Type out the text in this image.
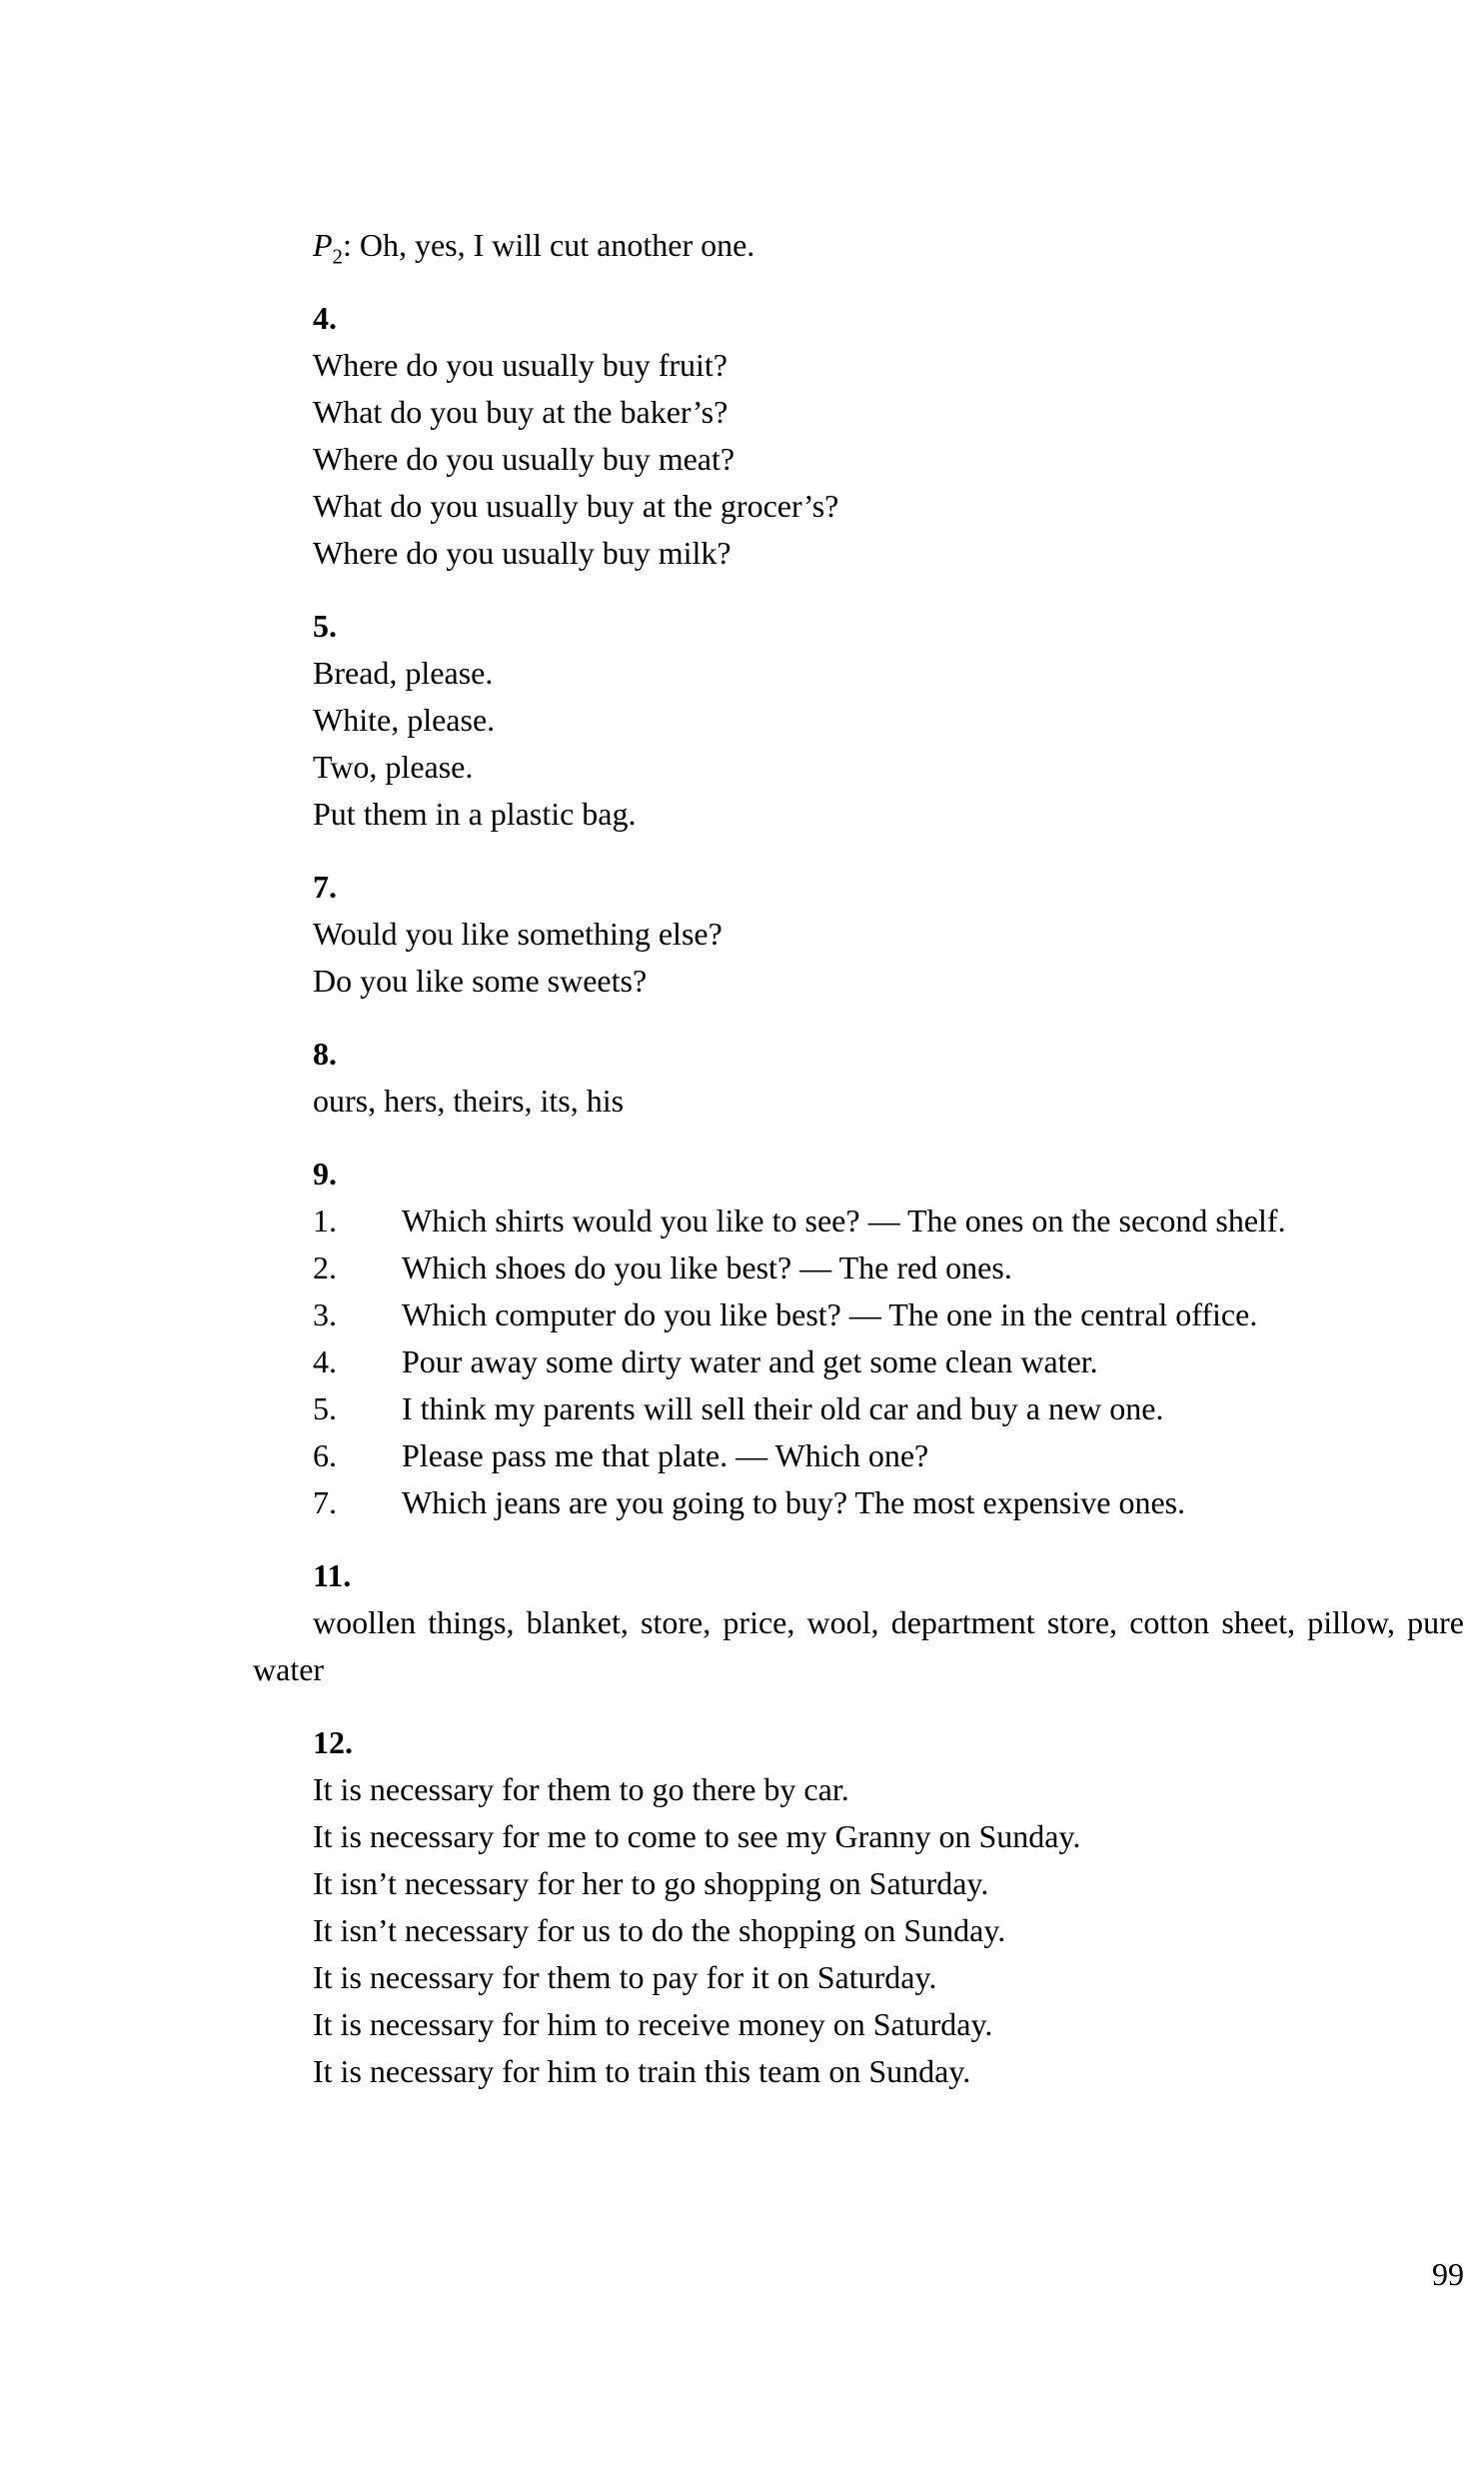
$P_2$: Oh, yes, I will cut another one.

4.

Where do you usually buy fruit?
What do you buy at the baker’s?
Where do you usually buy meat?
What do you usually buy at the grocer’s?
Where do you usually buy milk?

5.

Bread, please.
White, please.
Two, please.
Put them in a plastic bag.

7.

Would you like something else?
Do you like some sweets?

8.

ours, hers, theirs, its, his

9.

1. Which shirts would you like to see? — The ones on the second shelf.
2. Which shoes do you like best? — The red ones.
3. Which computer do you like best? — The one in the central office.
4. Pour away some dirty water and get some clean water.
5. I think my parents will sell their old car and buy a new one.
6. Please pass me that plate. — Which one?
7. Which jeans are you going to buy? The most expensive ones.

11.

woollen things, blanket, store, price, wool, department store, cotton sheet, pillow, pure water

12.

It is necessary for them to go there by car.
It is necessary for me to come to see my Granny on Sunday.
It isn’t necessary for her to go shopping on Saturday.
It isn’t necessary for us to do the shopping on Sunday.
It is necessary for them to pay for it on Saturday.
It is necessary for him to receive money on Saturday.
It is necessary for him to train this team on Sunday.
99
